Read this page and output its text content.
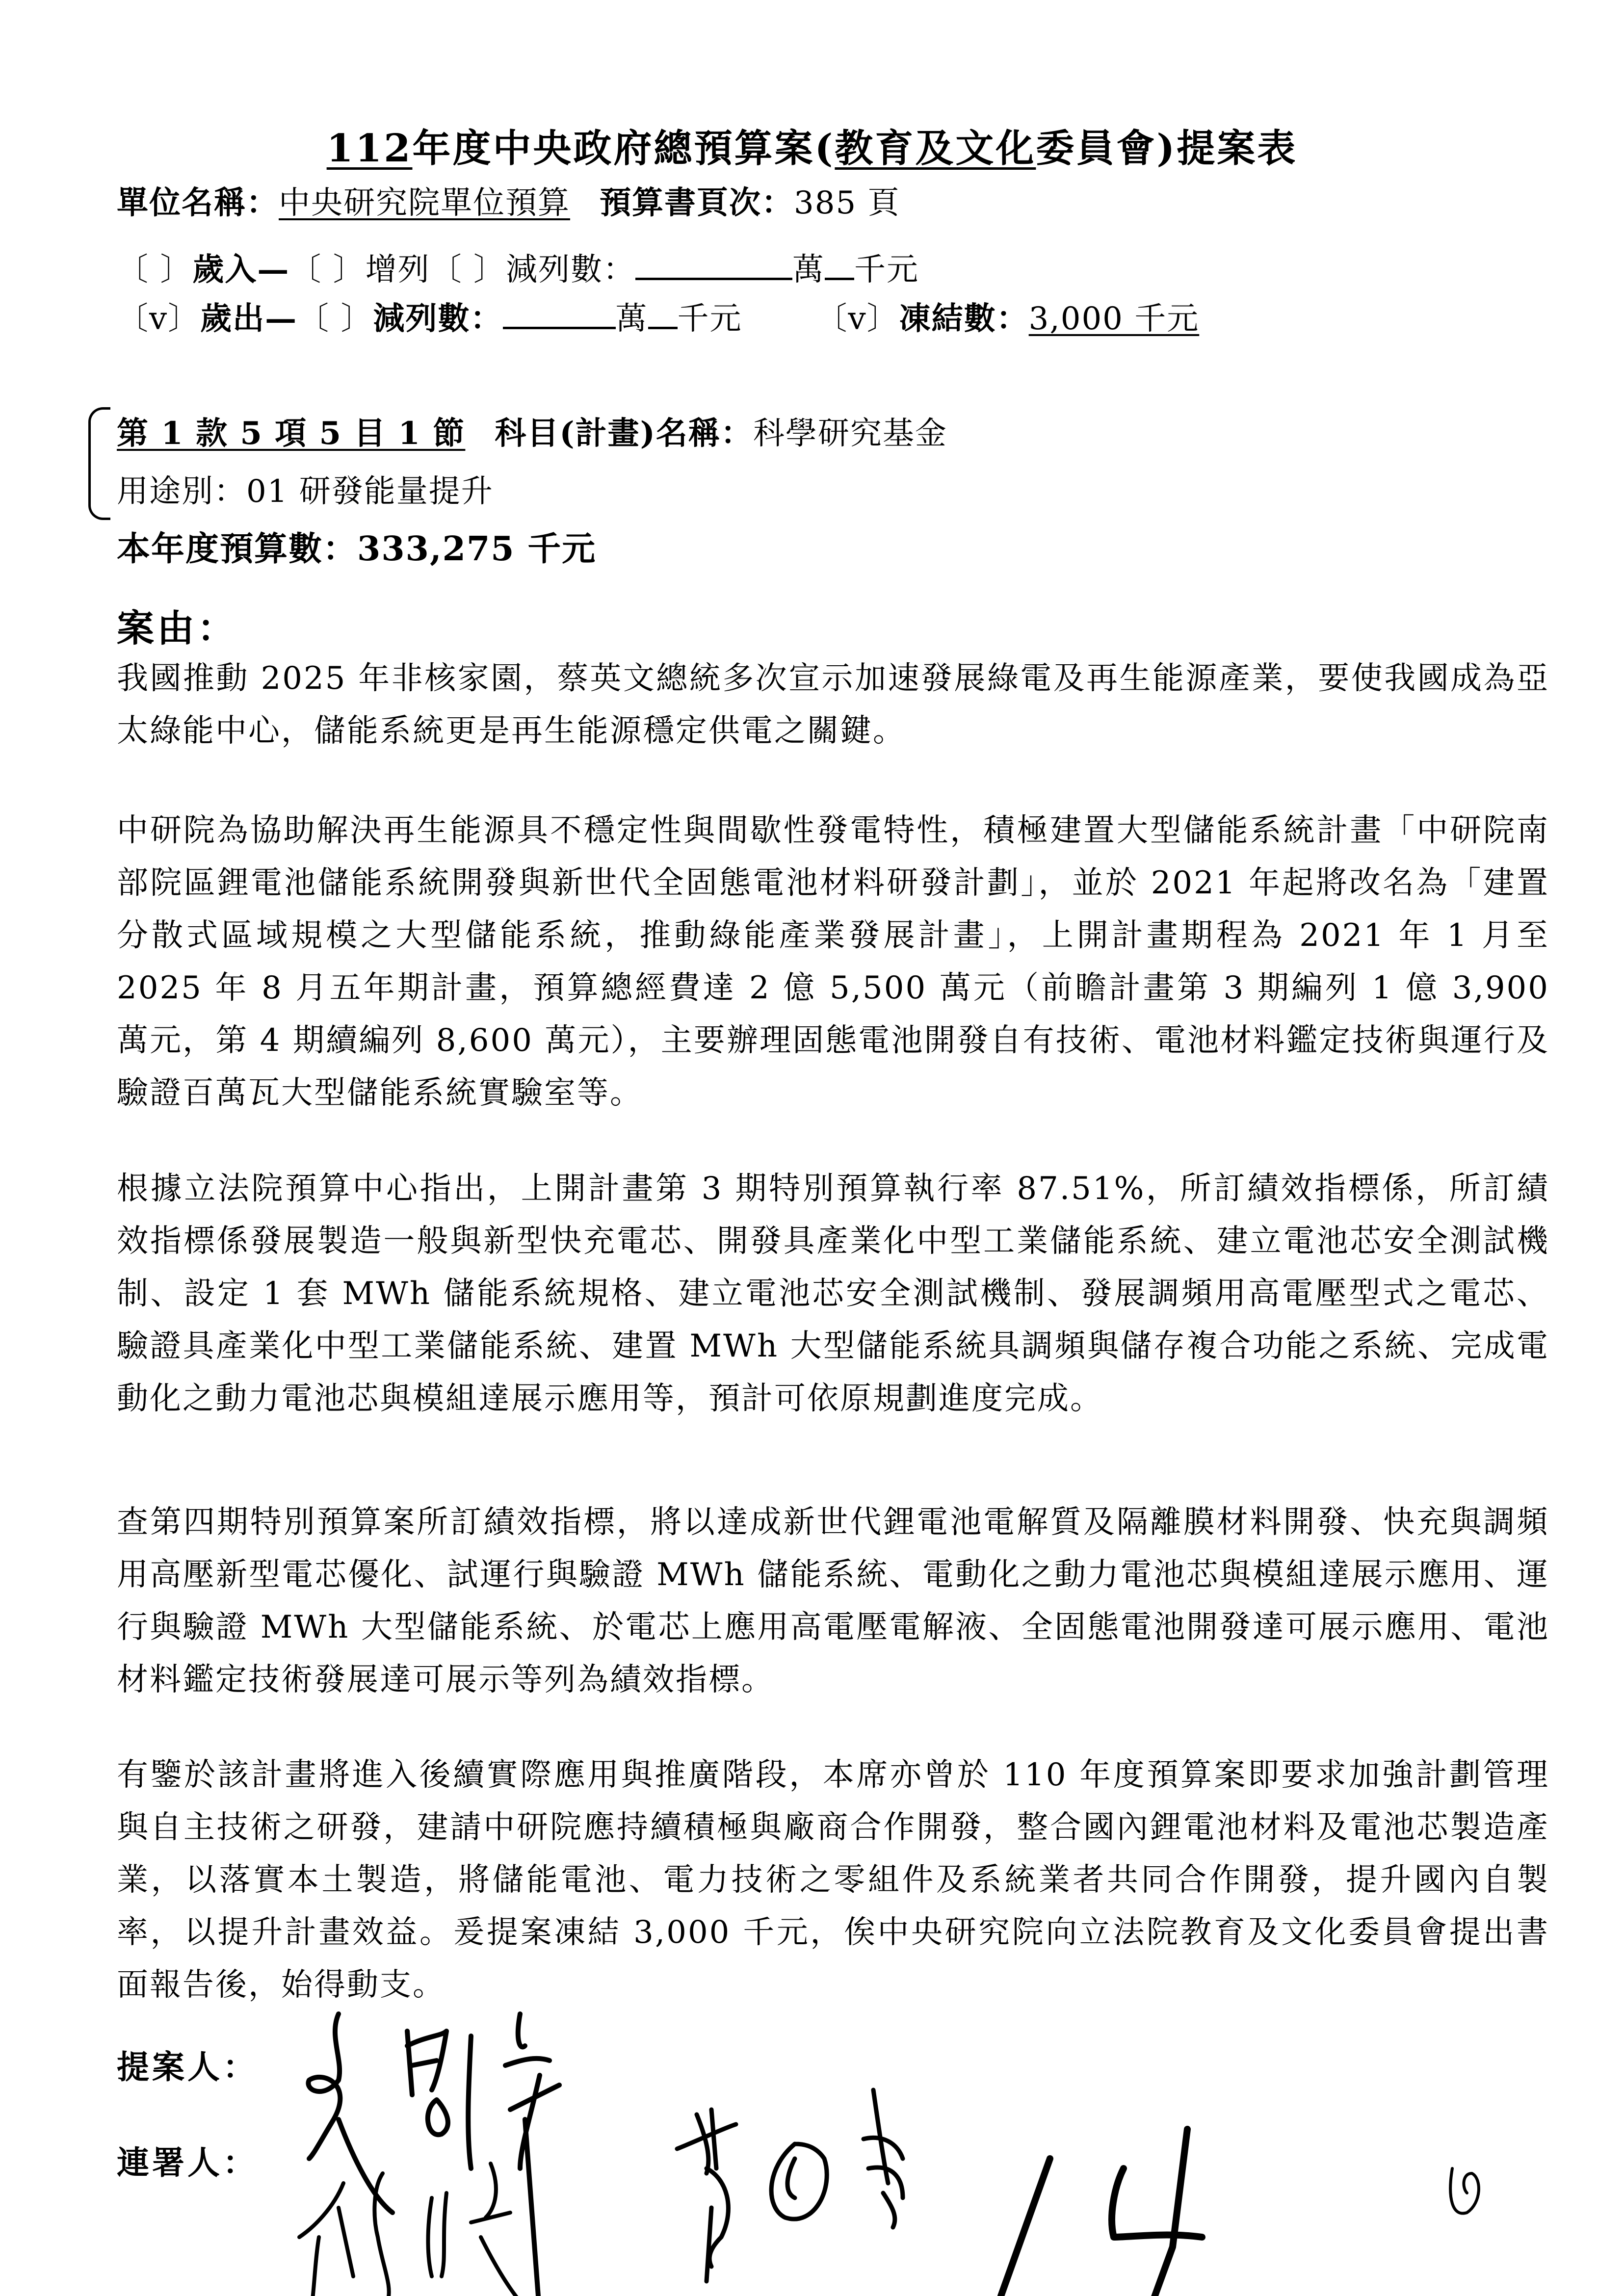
112年度中央政府總預算案(教育及文化委員會)提案表
單位名稱：中央研究院單位預算 預算書頁次：385 頁
〔 〕歲入—〔 〕增列〔 〕減列數：	萬 千元
〔v〕歲出—〔 〕減列數：	萬 千元 〔v〕凍結數：3,000 千元
第 1 款 5 項 5 目 1 節 科目(計畫)名稱：科學研究基金
用途別：01 研發能量提升
本年度預算數：333,275 千元
案由：
我國推動 2025 年非核家園，蔡英文總統多次宣示加速發展綠電及再生能源產業，要使我國成為亞太綠能中心，儲能系統更是再生能源穩定供電之關鍵。
中研院為協助解決再生能源具不穩定性與間歇性發電特性，積極建置大型儲能系統計畫「中研院南部院區鋰電池儲能系統開發與新世代全固態電池材料研發計劃」，並於 2021 年起將改名為「建置分散式區域規模之大型儲能系統，推動綠能產業發展計畫」，上開計畫期程為 2021 年 1 月至 2025 年 8 月五年期計畫，預算總經費達 2 億 5,500 萬元（前瞻計畫第 3 期編列 1 億 3,900 萬元，第 4 期續編列 8,600 萬元），主要辦理固態電池開發自有技術、電池材料鑑定技術與運行及驗證百萬瓦大型儲能系統實驗室等。
根據立法院預算中心指出，上開計畫第 3 期特別預算執行率 87.51%，所訂績效指標係，所訂績效指標係發展製造一般與新型快充電芯、開發具產業化中型工業儲能系統、建立電池芯安全測試機制、設定 1 套 MWh 儲能系統規格、建立電池芯安全測試機制、發展調頻用高電壓型式之電芯、驗證具產業化中型工業儲能系統、建置 MWh 大型儲能系統具調頻與儲存複合功能之系統、完成電動化之動力電池芯與模組達展示應用等，預計可依原規劃進度完成。
查第四期特別預算案所訂績效指標，將以達成新世代鋰電池電解質及隔離膜材料開發、快充與調頻用高壓新型電芯優化、試運行與驗證 MWh 儲能系統、電動化之動力電池芯與模組達展示應用、運行與驗證 MWh 大型儲能系統、於電芯上應用高電壓電解液、全固態電池開發達可展示應用、電池材料鑑定技術發展達可展示等列為績效指標。
有鑒於該計畫將進入後續實際應用與推廣階段，本席亦曾於 110 年度預算案即要求加強計劃管理與自主技術之研發，建請中研院應持續積極與廠商合作開發，整合國內鋰電池材料及電池芯製造產業，以落實本土製造，將儲能電池、電力技術之零組件及系統業者共同合作開發，提升國內自製率，以提升計畫效益。爰提案凍結 3,000 千元，俟中央研究院向立法院教育及文化委員會提出書面報告後，始得動支。
提案人：
連署人：
